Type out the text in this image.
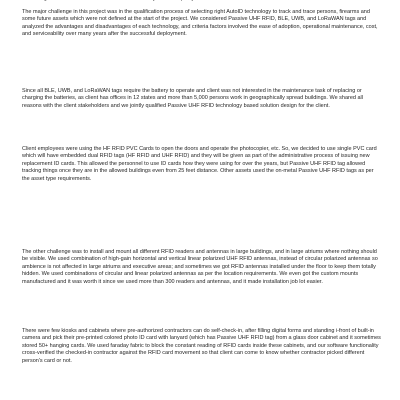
The major challenge in this project was in the qualification process of selecting right AutoID technology to track and trace persons, firearms and some future assets which were not defined at the start of the project. We considered Passive UHF RFID, BLE, UWB, and LoRaWAN tags and analyzed the advantages and disadvantages of each technology, and criteria factors involved the ease of adoption, operational maintenance, cost, and serviceability over many years after the successful deployment.

Since all BLE, UWB, and LoRaWAN tags require the battery to operate and client was not interested in the maintenance task of replacing or charging the batteries, as client has offices in 12 states and more than 5,000 persons work in geographically spread buildings. We shared all reasons with the client stakeholders and we jointly qualified Passive UHF RFID technology based solution design for the client.

Client employees were using the HF RFID PVC Cards to open the doors and operate the photocopier, etc. So, we decided to use single PVC card which will have embedded dual RFID tags (HF RFID and UHF RFID) and they will be given as part of the administrative process of issuing new replacement ID cards. This allowed the personnel to use ID cards how they were using for over the years, but Passive UHF RFID tag allowed tracking things once they are in the allowed buildings even from 25 feet distance. Other assets used the on-metal Passive UHF RFID tags as per the asset type requirements.

The other challenge was to install and mount all different RFID readers and antennas in large buildings, and in large atriums where nothing should be visible. We used combination of high-gain horizontal and vertical linear polarized UHF RFID antennas, instead of circular polarized antennas so ambience is not affected in large atriums and executive areas; and sometimes we got RFID antennas installed under the floor to keep them totally hidden. We used combinations of circular and linear polarized antennas as per the location requirements. We even got the custom mounts manufactured and it was worth it since we used more than 300 readers and antennas, and it made installation job lot easier.

There were few kiosks and cabinets where pre-authorized contractors can do self-check-in, after filling digital forms and standing i-front of built-in camera and pick their pre-printed colored photo ID card with lanyard (which has Passive UHF RFID tag) from a glass door cabinet and it sometimes stored 50+ hanging cards. We used faraday fabric to block the constant reading of RFID cards inside these cabinets, and our software functionality cross-verified the checked-in contractor against the RFID card movement so that client can come to know whether contractor picked different person's card or not.
